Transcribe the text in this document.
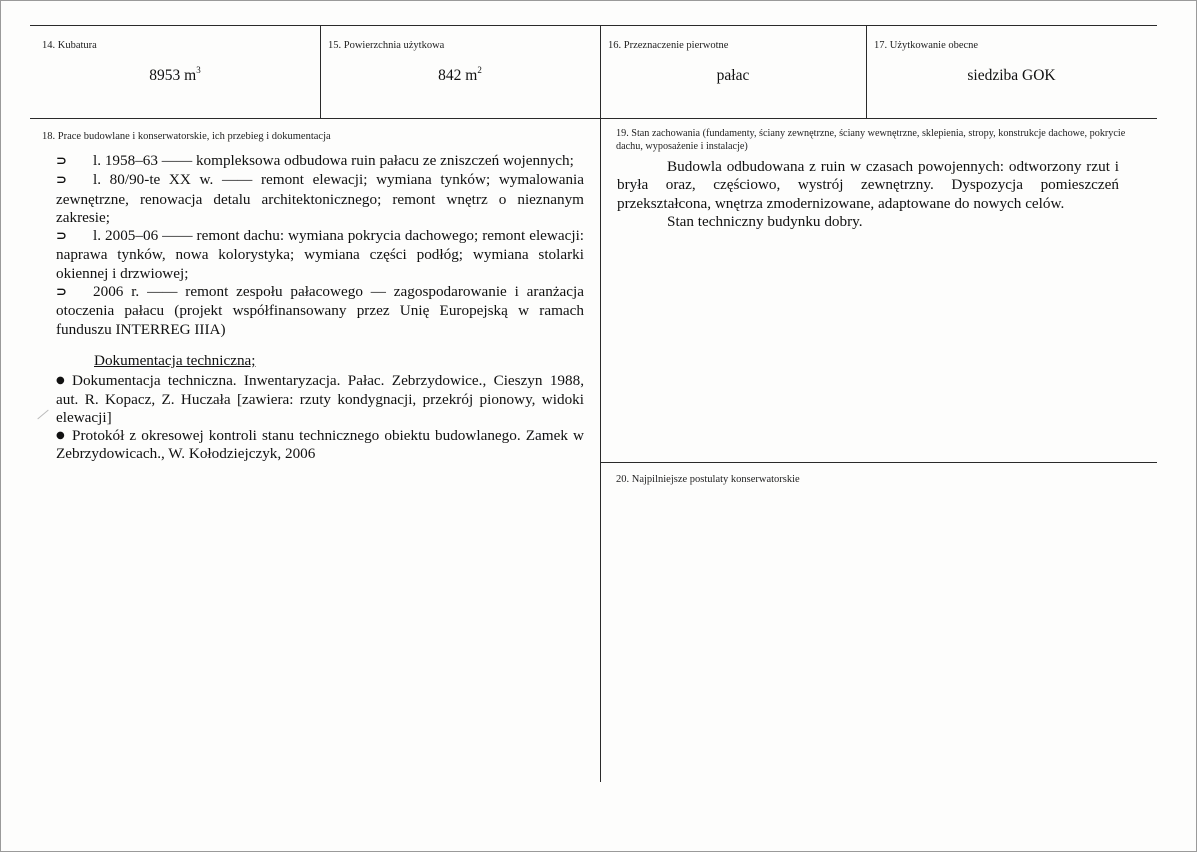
14. Kubatura
8953 $m^3$
15. Powierzchnia użytkowa
842 $m^2$
16. Przeznaczenie pierwotne
pałac
17. Użytkowanie obecne
siedziba GOK
18. Prace budowlane i konserwatorskie, ich przebieg i dokumentacja

⊃ l. 1958–63 —— kompleksowa odbudowa ruin pałacu ze zniszczeń wojennych;

⊃ l. 80/90-te XX w. —— remont elewacji; wymiana tynków; wymalowania zewnętrzne, renowacja detalu architektonicznego; remont wnętrz o nieznanym zakresie;

⊃ l. 2005–06 —— remont dachu: wymiana pokrycia dachowego; remont elewacji: naprawa tynków, nowa kolorystyka; wymiana części podłóg; wymiana stolarki okiennej i drzwiowej;

⊃ 2006 r. —— remont zespołu pałacowego — zagospodarowanie i aranżacja otoczenia pałacu (projekt współfinansowany przez Unię Europejską w ramach funduszu INTERREG IIIA)

Dokumentacja techniczna;

● Dokumentacja techniczna. Inwentaryzacja. Pałac. Zebrzydowice., Cieszyn 1988, aut. R. Kopacz, Z. Huczała [zawiera: rzuty kondygnacji, przekrój pionowy, widoki elewacji]

● Protokół z okresowej kontroli stanu technicznego obiektu budowlanego. Zamek w Zebrzydowicach., W. Kołodziejczyk, 2006

19. Stan zachowania (fundamenty, ściany zewnętrzne, ściany wewnętrzne, sklepienia, stropy, konstrukcje dachowe, pokrycie dachu, wyposażenie i instalacje)

Budowla odbudowana z ruin w czasach powojennych: odtworzony rzut i bryła oraz, częściowo, wystrój zewnętrzny. Dyspozycja pomieszczeń przekształcona, wnętrza zmodernizowane, adaptowane do nowych celów.

Stan techniczny budynku dobry.

20. Najpilniejsze postulaty konserwatorskie
